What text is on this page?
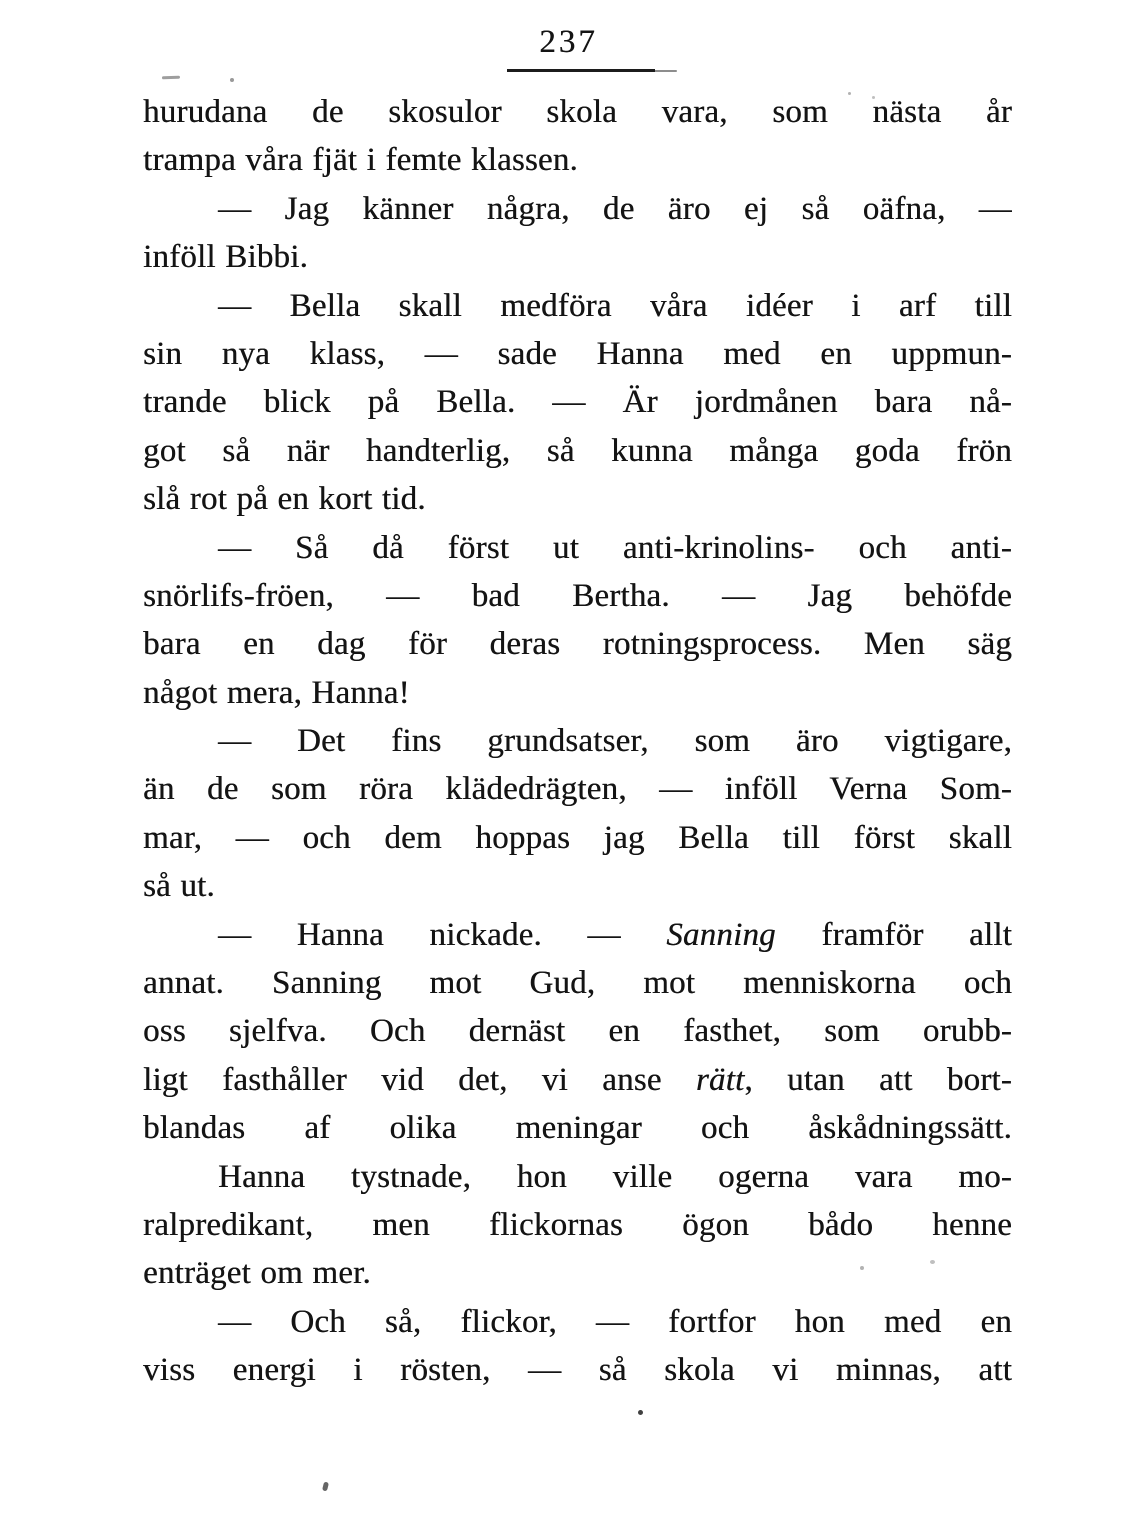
237
hurudana de skosulor skola vara, som nästa år
trampa våra fjät i femte klassen.
— Jag känner några, de äro ej så oäfna, —
inföll Bibbi.
— Bella skall medföra våra idéer i arf till
sin nya klass, — sade Hanna med en uppmun-
trande blick på Bella. — Är jordmånen bara nå-
got så när handterlig, så kunna många goda frön
slå rot på en kort tid.
— Så då först ut anti-krinolins- och anti-
snörlifs-fröen, — bad Bertha. — Jag behöfde
bara en dag för deras rotningsprocess. Men säg
något mera, Hanna!
— Det fins grundsatser, som äro vigtigare,
än de som röra klädedrägten, — inföll Verna Som-
mar, — och dem hoppas jag Bella till först skall
så ut.
— Hanna nickade. — Sanning framför allt
annat. Sanning mot Gud, mot menniskorna och
oss sjelfva. Och dernäst en fasthet, som orubb-
ligt fasthåller vid det, vi anse rätt, utan att bort-
blandas af olika meningar och åskådningssätt.
Hanna tystnade, hon ville ogerna vara mo-
ralpredikant, men flickornas ögon bådo henne
enträget om mer.
— Och så, flickor, — fortfor hon med en
viss energi i rösten, — så skola vi minnas, att
